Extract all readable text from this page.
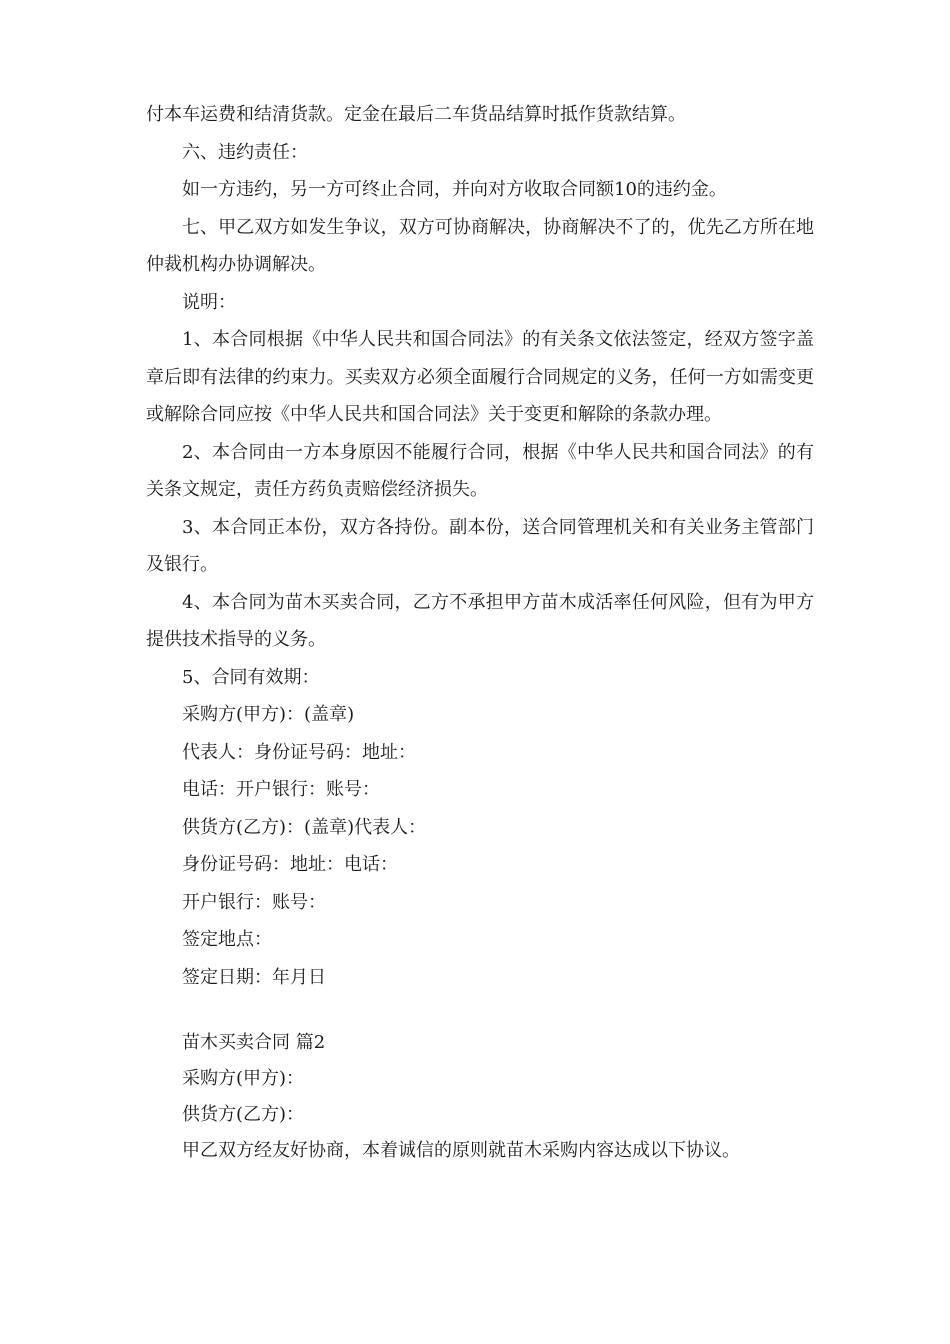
付本车运费和结清货款。定金在最后二车货品结算时抵作货款结算。

六、违约责任：

如一方违约，另一方可终止合同，并向对方收取合同额10的违约金。

七、甲乙双方如发生争议，双方可协商解决，协商解决不了的，优先乙方所在地仲裁机构办协调解决。

说明：

1、本合同根据《中华人民共和国合同法》的有关条文依法签定，经双方签字盖章后即有法律的约束力。买卖双方必须全面履行合同规定的义务，任何一方如需变更或解除合同应按《中华人民共和国合同法》关于变更和解除的条款办理。

2、本合同由一方本身原因不能履行合同，根据《中华人民共和国合同法》的有关条文规定，责任方药负责赔偿经济损失。

3、本合同正本份，双方各持份。副本份，送合同管理机关和有关业务主管部门及银行。

4、本合同为苗木买卖合同，乙方不承担甲方苗木成活率任何风险，但有为甲方提供技术指导的义务。

5、合同有效期：

采购方(甲方)：(盖章)

代表人：身份证号码：地址：

电话：开户银行：账号：

供货方(乙方)：(盖章)代表人：

身份证号码：地址：电话：

开户银行：账号：

签定地点：

签定日期：年月日

苗木买卖合同 篇2

采购方(甲方)：

供货方(乙方)：

甲乙双方经友好协商，本着诚信的原则就苗木采购内容达成以下协议。
